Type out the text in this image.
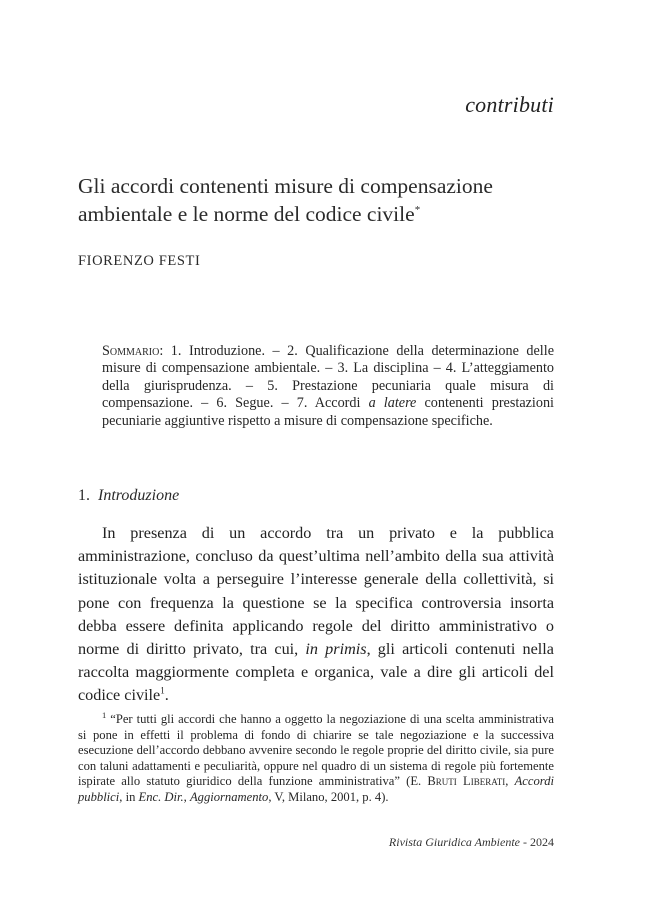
contributi
Gli accordi contenenti misure di compensazione ambientale e le norme del codice civile*
FIORENZO FESTI
Sommario: 1. Introduzione. – 2. Qualificazione della determinazione delle misure di compensazione ambientale. – 3. La disciplina – 4. L’atteggiamento della giurisprudenza. – 5. Prestazione pecuniaria quale misura di compensazione. – 6. Segue. – 7. Accordi a latere contenenti prestazioni pecuniarie aggiuntive rispetto a misure di compensazione specifiche.
1. Introduzione
In presenza di un accordo tra un privato e la pubblica amministrazione, concluso da quest’ultima nell’ambito della sua attività istituzionale volta a perseguire l’interesse generale della collettività, si pone con frequenza la questione se la specifica controversia insorta debba essere definita applicando regole del diritto amministrativo o norme di diritto privato, tra cui, in primis, gli articoli contenuti nella raccolta maggiormente completa e organica, vale a dire gli articoli del codice civile$^1$.
$^1$ “Per tutti gli accordi che hanno a oggetto la negoziazione di una scelta amministrativa si pone in effetti il problema di fondo di chiarire se tale negoziazione e la successiva esecuzione dell’accordo debbano avvenire secondo le regole proprie del diritto civile, sia pure con taluni adattamenti e peculiarità, oppure nel quadro di un sistema di regole più fortemente ispirate allo statuto giuridico della funzione amministrativa” (E. Bruti Liberati, Accordi pubblici, in Enc. Dir., Aggiornamento, V, Milano, 2001, p. 4).
Rivista Giuridica Ambiente - 2024
